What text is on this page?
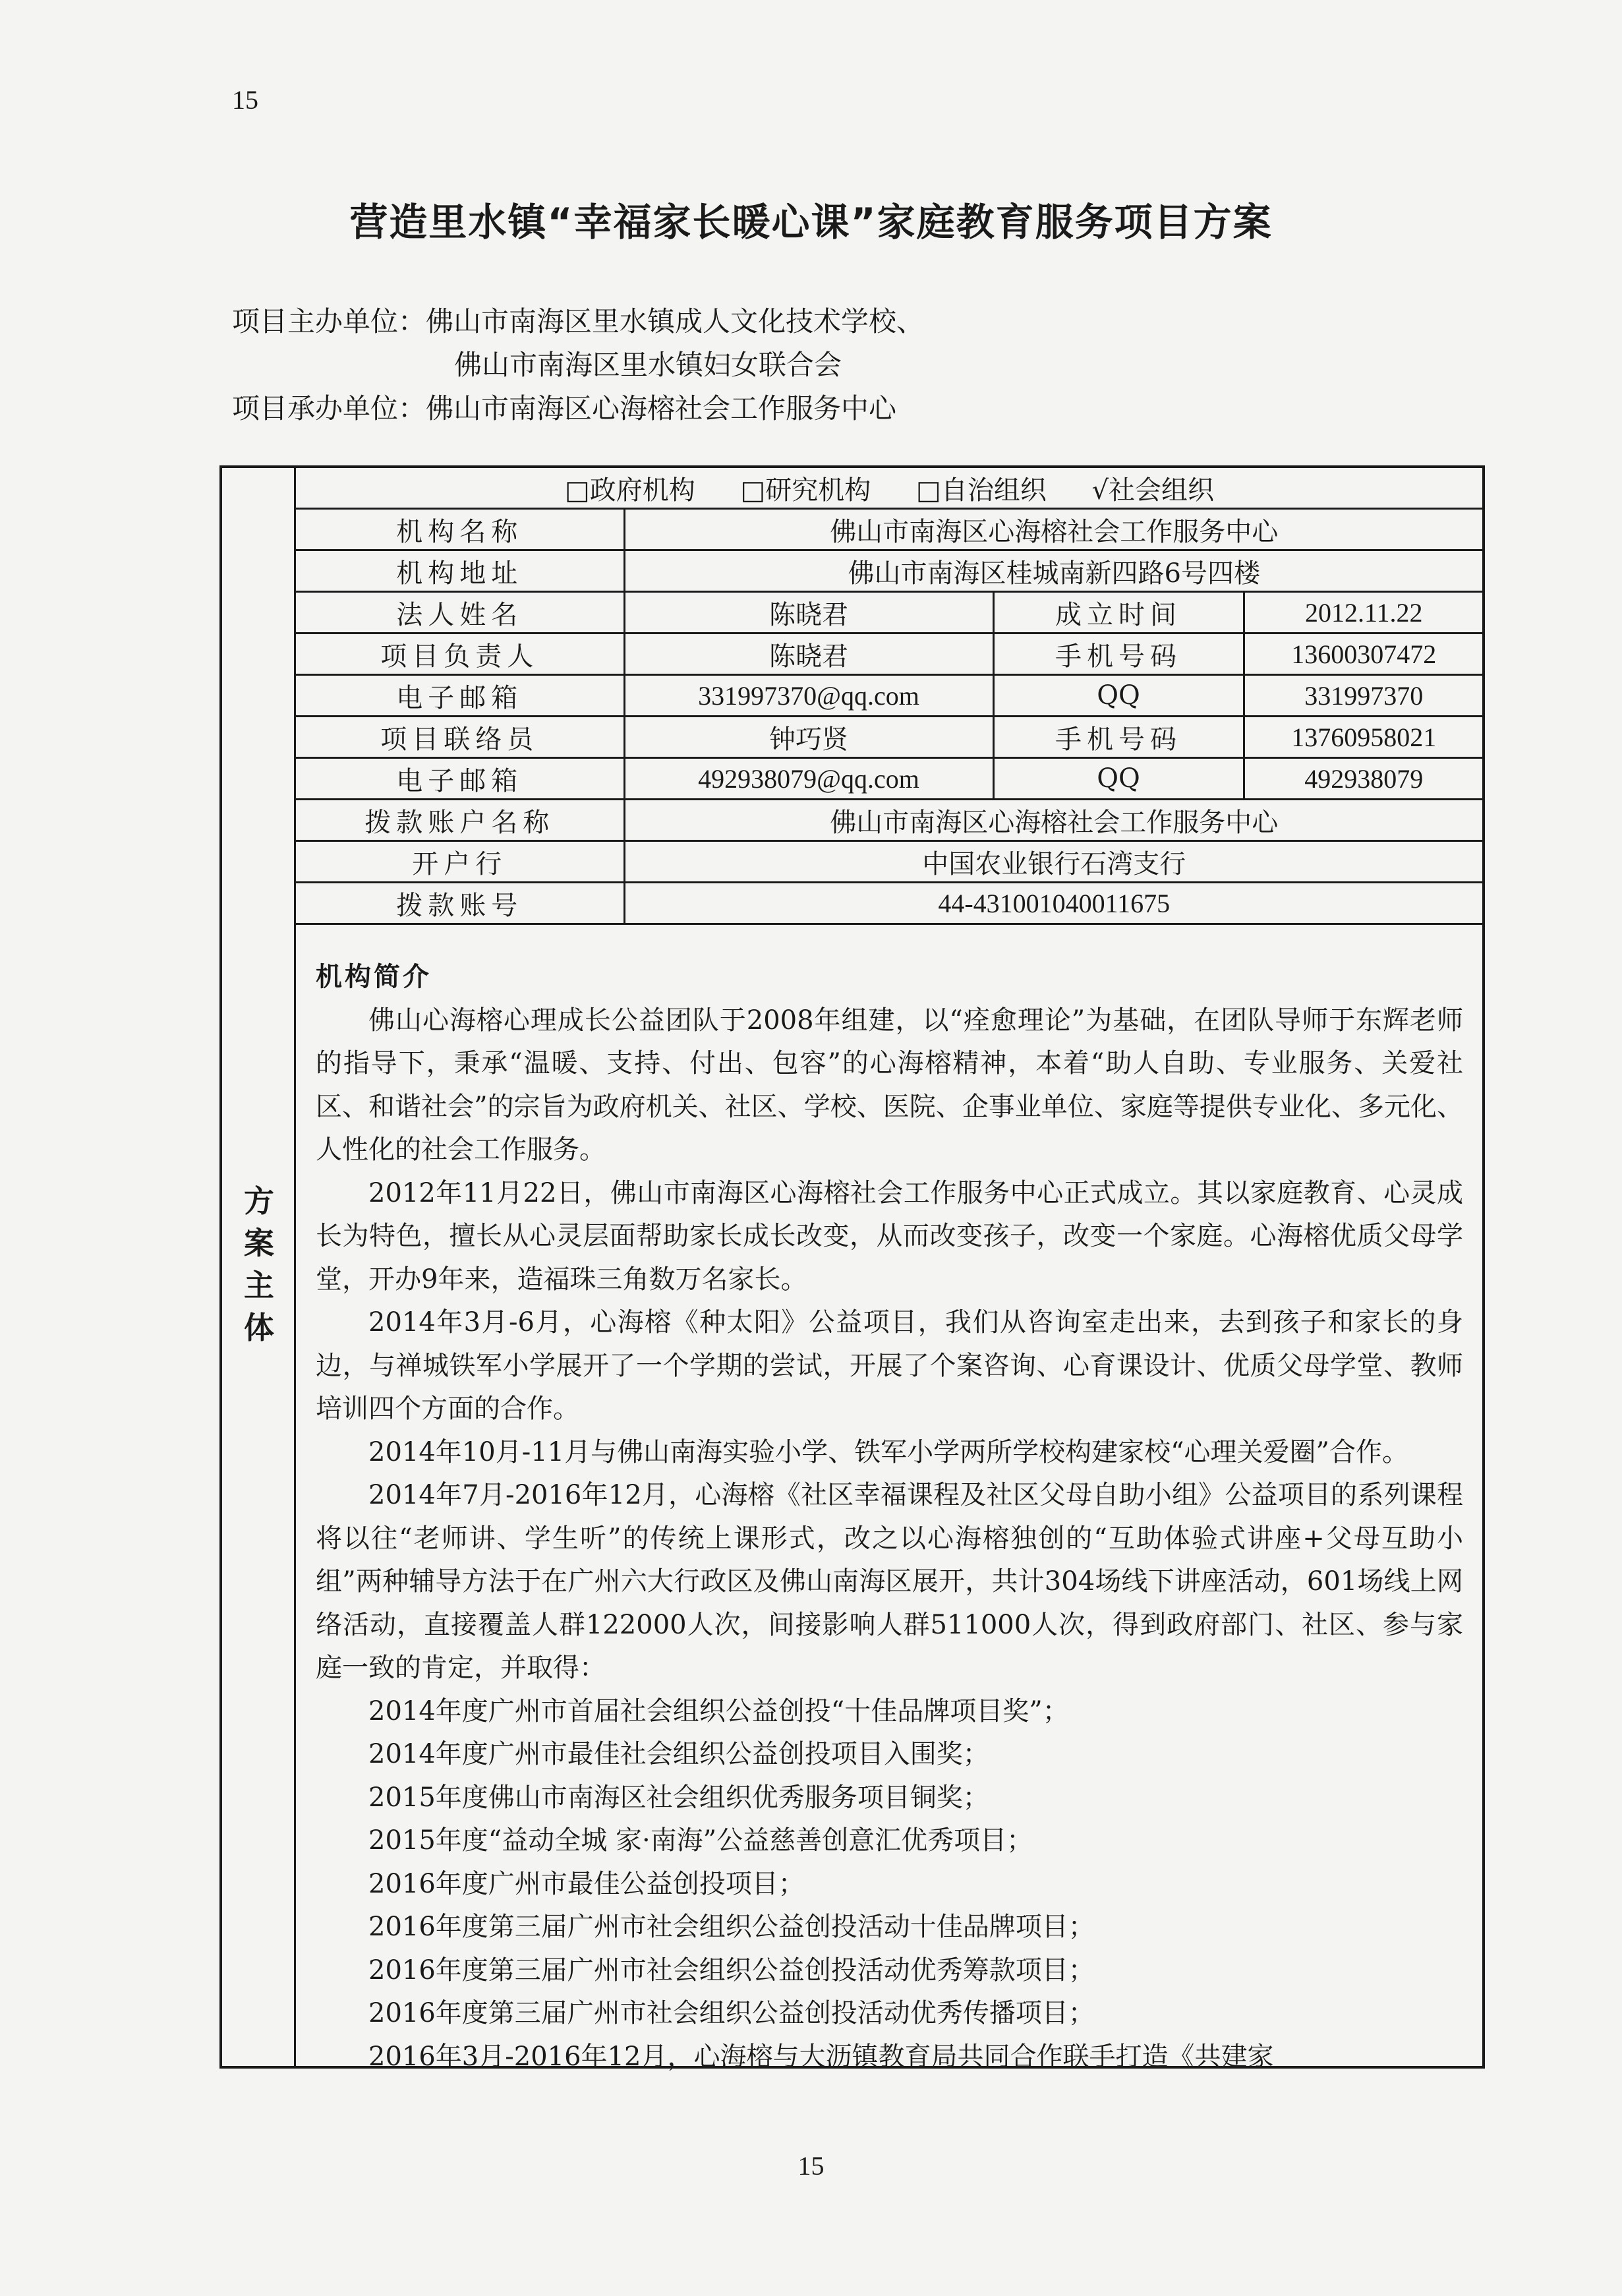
15
营造里水镇“幸福家长暖心课”家庭教育服务项目方案
项目主办单位：佛山市南海区里水镇成人文化技术学校、
佛山市南海区里水镇妇女联合会
项目承办单位：佛山市南海区心海榕社会工作服务中心
方
案
主
体
□政府机构 □研究机构 □自治组织 √社会组织			
机构名称	佛山市南海区心海榕社会工作服务中心		
机构地址	佛山市南海区桂城南新四路6号四楼		
法人姓名	陈晓君	成立时间	2012.11.22
项目负责人	陈晓君	手机号码	13600307472
电子邮箱	331997370@qq.com	QQ	331997370
项目联络员	钟巧贤	手机号码	13760958021
电子邮箱	492938079@qq.com	QQ	492938079
拨款账户名称	佛山市南海区心海榕社会工作服务中心		
开户行	中国农业银行石湾支行		
拨款账号	44-431001040011675		
机构简介

佛山心海榕心理成长公益团队于2008年组建，以“痊愈理论”为基础，在团队导师于东辉老师的指导下，秉承“温暖、支持、付出、包容”的心海榕精神，本着“助人自助、专业服务、关爱社区、和谐社会”的宗旨为政府机关、社区、学校、医院、企事业单位、家庭等提供专业化、多元化、人性化的社会工作服务。

2012年11月22日，佛山市南海区心海榕社会工作服务中心正式成立。其以家庭教育、心灵成长为特色，擅长从心灵层面帮助家长成长改变，从而改变孩子，改变一个家庭。心海榕优质父母学堂，开办9年来，造福珠三角数万名家长。

2014年3月-6月，心海榕《种太阳》公益项目，我们从咨询室走出来，去到孩子和家长的身边，与禅城铁军小学展开了一个学期的尝试，开展了个案咨询、心育课设计、优质父母学堂、教师培训四个方面的合作。

2014年10月-11月与佛山南海实验小学、铁军小学两所学校构建家校“心理关爱圈”合作。

2014年7月-2016年12月，心海榕《社区幸福课程及社区父母自助小组》公益项目的系列课程将以往“老师讲、学生听”的传统上课形式，改之以心海榕独创的“互助体验式讲座+父母互助小组”两种辅导方法于在广州六大行政区及佛山南海区展开，共计304场线下讲座活动，601场线上网络活动，直接覆盖人群122000人次，间接影响人群511000人次，得到政府部门、社区、参与家庭一致的肯定，并取得：

2014年度广州市首届社会组织公益创投“十佳品牌项目奖”；
2014年度广州市最佳社会组织公益创投项目入围奖；
2015年度佛山市南海区社会组织优秀服务项目铜奖；
2015年度“益动全城 家·南海”公益慈善创意汇优秀项目；
2016年度广州市最佳公益创投项目；
2016年度第三届广州市社会组织公益创投活动十佳品牌项目；
2016年度第三届广州市社会组织公益创投活动优秀筹款项目；
2016年度第三届广州市社会组织公益创投活动优秀传播项目；
2016年3月-2016年12月，心海榕与大沥镇教育局共同合作联手打造《共建家
15
